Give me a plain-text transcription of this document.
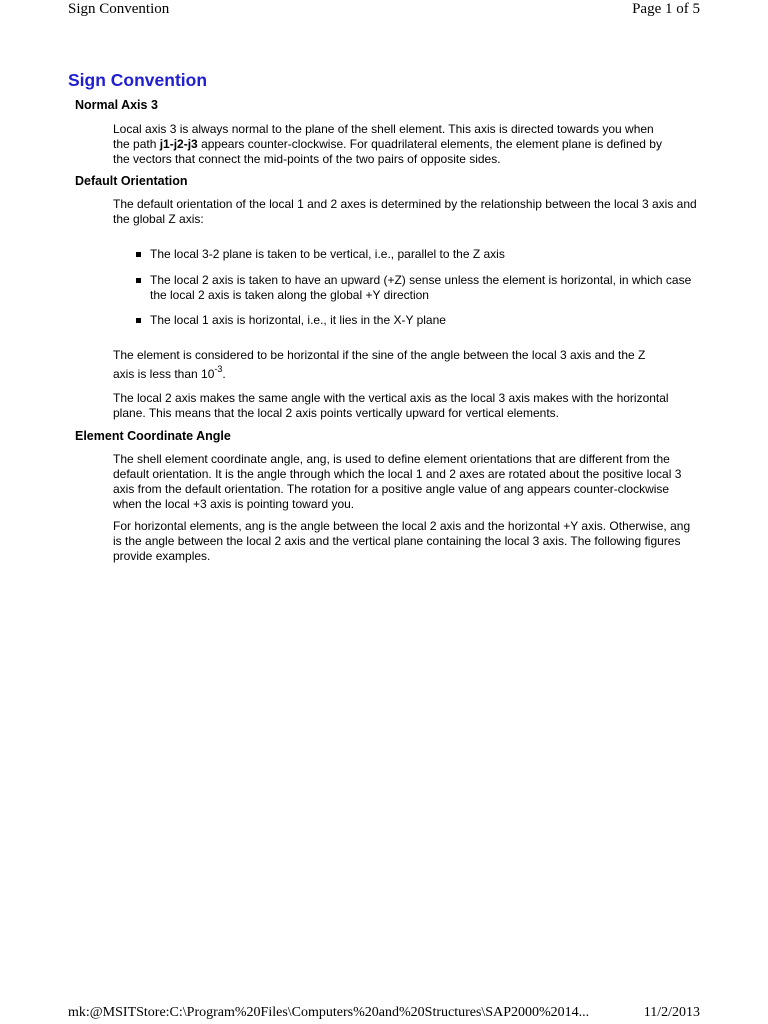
Sign Convention	Page 1 of 5
Sign Convention
Normal Axis 3

Local axis 3 is always normal to the plane of the shell element. This axis is directed towards you when
the path j1-j2-j3 appears counter-clockwise. For quadrilateral elements, the element plane is defined by
the vectors that connect the mid-points of the two pairs of opposite sides.

Default Orientation

The default orientation of the local 1 and 2 axes is determined by the relationship between the local 3 axis and the global Z axis:

The local 3-2 plane is taken to be vertical, i.e., parallel to the Z axis
The local 2 axis is taken to have an upward (+Z) sense unless the element is horizontal, in which case the local 2 axis is taken along the global +Y direction
The local 1 axis is horizontal, i.e., it lies in the X-Y plane

The element is considered to be horizontal if the sine of the angle between the local 3 axis and the Z
axis is less than $10^{-3}$.

The local 2 axis makes the same angle with the vertical axis as the local 3 axis makes with the horizontal plane. This means that the local 2 axis points vertically upward for vertical elements.

Element Coordinate Angle

The shell element coordinate angle, ang, is used to define element orientations that are different from the default orientation. It is the angle through which the local 1 and 2 axes are rotated about the positive local 3 axis from the default orientation. The rotation for a positive angle value of ang appears counter-clockwise when the local +3 axis is pointing toward you.

For horizontal elements, ang is the angle between the local 2 axis and the horizontal +Y axis. Otherwise, ang is the angle between the local 2 axis and the vertical plane containing the local 3 axis. The following figures provide examples.

mk:@MSITStore:C:\Program%20Files\Computers%20and%20Structures\SAP2000%2014...	11/2/2013
